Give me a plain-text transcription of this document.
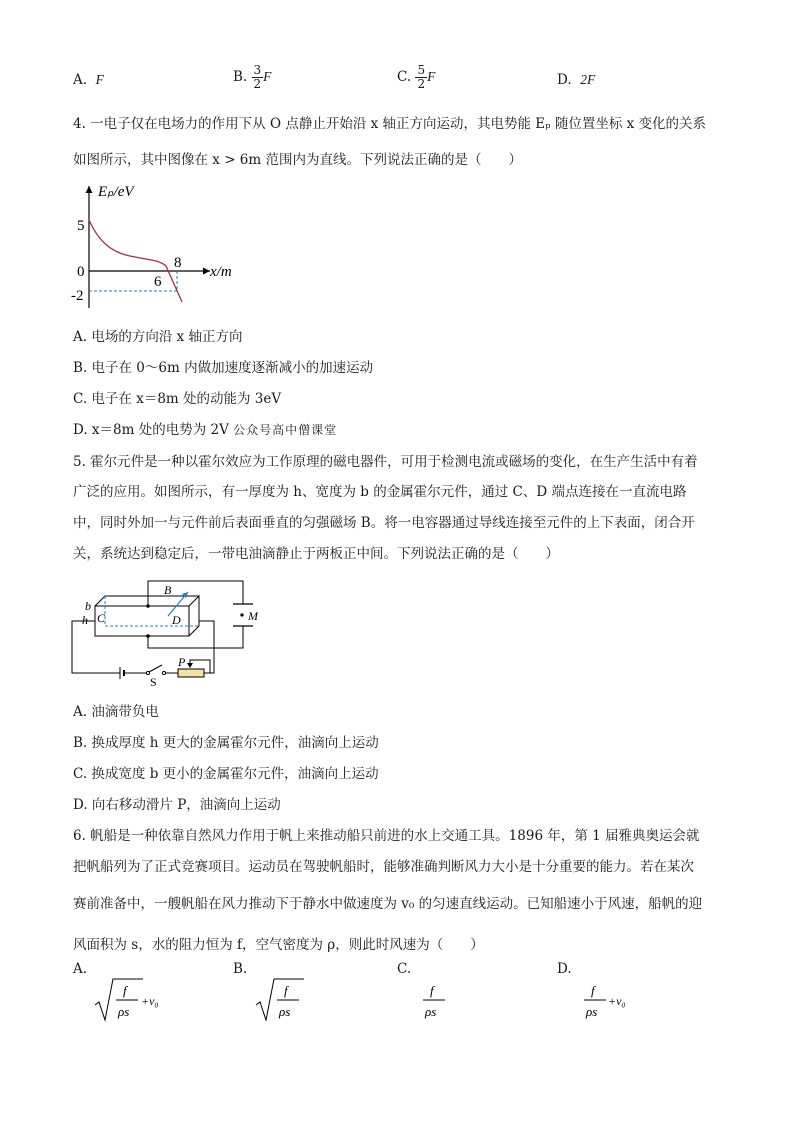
A. F	B. $\frac{3}{2}$ F	C. $\frac{5}{2}$ F	D. 2F
4. 一电子仅在电场力的作用下从 O 点静止开始沿 x 轴正方向运动，其电势能 Eₚ 随位置坐标 x 变化的关系
如图所示，其中图像在 x > 6m 范围内为直线。下列说法正确的是（　　）
Eₚ/eV
x/m
5
0
-2
6
8
A. 电场的方向沿 x 轴正方向
B. 电子在 0～6m 内做加速度逐渐减小的加速运动
C. 电子在 x＝8m 处的动能为 3eV
D. x＝8m 处的电势为 2V 公众号高中僧课堂
5. 霍尔元件是一种以霍尔效应为工作原理的磁电器件，可用于检测电流或磁场的变化，在生产生活中有着
广泛的应用。如图所示，有一厚度为 h、宽度为 b 的金属霍尔元件，通过 C、D 端点连接在一直流电路
中，同时外加一与元件前后表面垂直的匀强磁场 B。将一电容器通过导线连接至元件的上下表面，闭合开
关，系统达到稳定后，一带电油滴静止于两板正中间。下列说法正确的是（　　）
B
b
h C	D	M
S
P
A. 油滴带负电
B. 换成厚度 h 更大的金属霍尔元件，油滴向上运动
C. 换成宽度 b 更小的金属霍尔元件，油滴向上运动
D. 向右移动滑片 P，油滴向上运动
6. 帆船是一种依靠自然风力作用于帆上来推动船只前进的水上交通工具。1896 年，第 1 届雅典奥运会就
把帆船列为了正式竞赛项目。运动员在驾驶帆船时，能够准确判断风力大小是十分重要的能力。若在某次
赛前准备中，一艘帆船在风力推动下于静水中做速度为 v₀ 的匀速直线运动。已知船速小于风速，船帆的迎
风面积为 s，水的阻力恒为 f，空气密度为 ρ，则此时风速为（　　）
A.
f
ρs
+v₀
B.
f
ρs
C.
f
ρs
D.
f
ρs
+v₀
